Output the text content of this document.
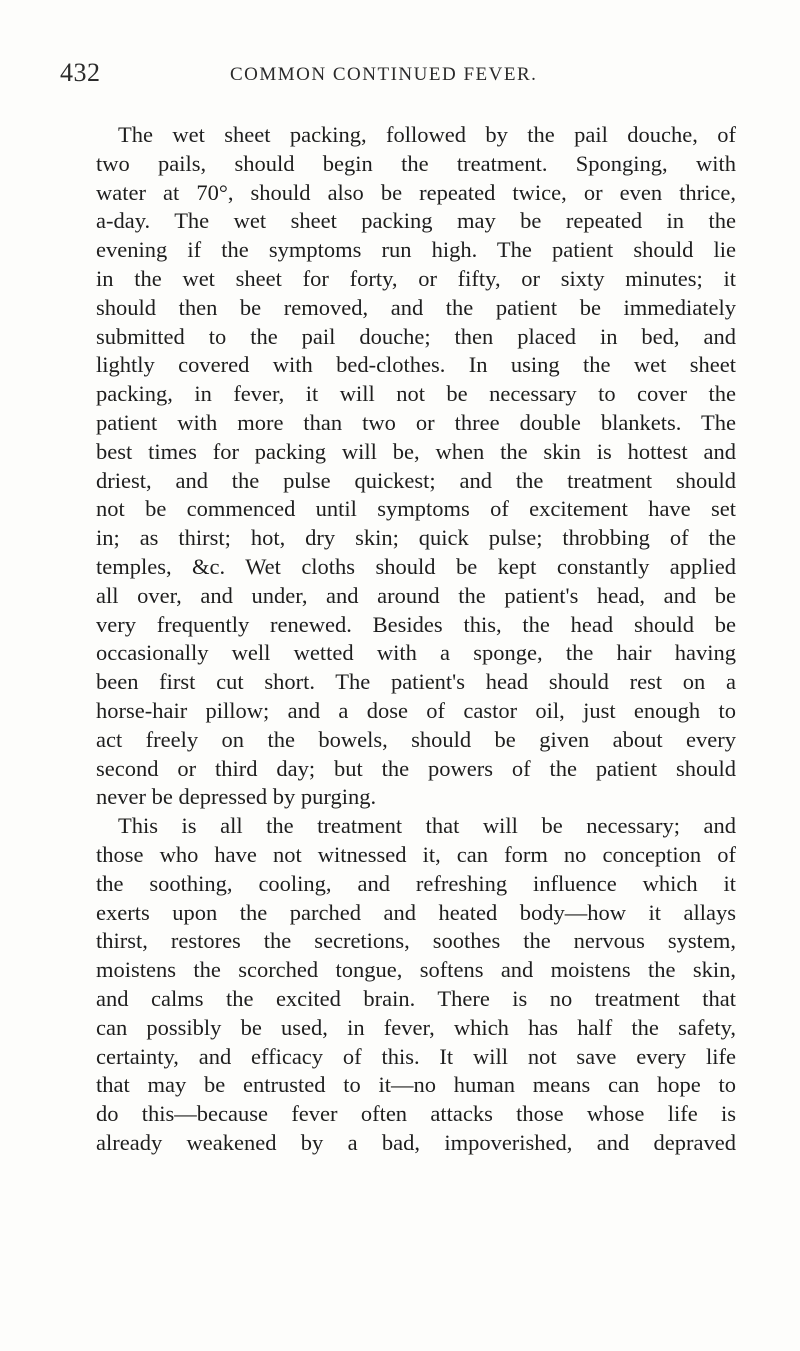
432	COMMON CONTINUED FEVER.
The wet sheet packing, followed by the pail douche, of
two pails, should begin the treatment. Sponging, with
water at 70°, should also be repeated twice, or even thrice,
a-day. The wet sheet packing may be repeated in the
evening if the symptoms run high. The patient should lie
in the wet sheet for forty, or fifty, or sixty minutes; it
should then be removed, and the patient be immediately
submitted to the pail douche; then placed in bed, and
lightly covered with bed-clothes. In using the wet sheet
packing, in fever, it will not be necessary to cover the
patient with more than two or three double blankets. The
best times for packing will be, when the skin is hottest and
driest, and the pulse quickest; and the treatment should
not be commenced until symptoms of excitement have set
in; as thirst; hot, dry skin; quick pulse; throbbing of the
temples, &c. Wet cloths should be kept constantly applied
all over, and under, and around the patient's head, and be
very frequently renewed. Besides this, the head should be
occasionally well wetted with a sponge, the hair having
been first cut short. The patient's head should rest on a
horse-hair pillow; and a dose of castor oil, just enough to
act freely on the bowels, should be given about every
second or third day; but the powers of the patient should
never be depressed by purging.
This is all the treatment that will be necessary; and
those who have not witnessed it, can form no conception of
the soothing, cooling, and refreshing influence which it
exerts upon the parched and heated body—how it allays
thirst, restores the secretions, soothes the nervous system,
moistens the scorched tongue, softens and moistens the skin,
and calms the excited brain. There is no treatment that
can possibly be used, in fever, which has half the safety,
certainty, and efficacy of this. It will not save every life
that may be entrusted to it—no human means can hope to
do this—because fever often attacks those whose life is
already weakened by a bad, impoverished, and depraved
